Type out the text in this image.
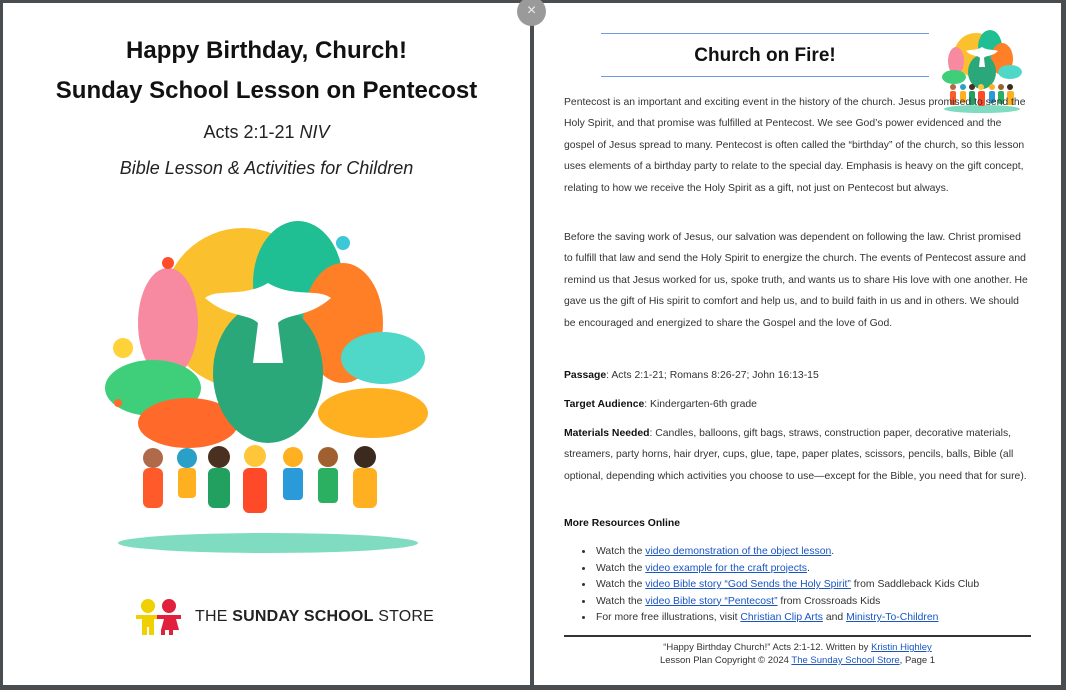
Happy Birthday, Church!
Sunday School Lesson on Pentecost
Acts 2:1-21 NIV
Bible Lesson & Activities for Children
THE SUNDAY SCHOOL STORE
×
Church on Fire!
Pentecost is an important and exciting event in the history of the church. Jesus promised to send the Holy Spirit, and that promise was fulfilled at Pentecost. We see God’s power evidenced and the gospel of Jesus spread to many. Pentecost is often called the “birthday” of the church, so this lesson uses elements of a birthday party to relate to the special day. Emphasis is heavy on the gift concept, relating to how we receive the Holy Spirit as a gift, not just on Pentecost but always.
Before the saving work of Jesus, our salvation was dependent on following the law. Christ promised to fulfill that law and send the Holy Spirit to energize the church. The events of Pentecost assure and remind us that Jesus worked for us, spoke truth, and wants us to share His love with one another. He gave us the gift of His spirit to comfort and help us, and to build faith in us and in others. We should be encouraged and energized to share the Gospel and the love of God.
Passage: Acts 2:1-21; Romans 8:26-27; John 16:13-15
Target Audience: Kindergarten-6th grade
Materials Needed: Candles, balloons, gift bags, straws, construction paper, decorative materials, streamers, party horns, hair dryer, cups, glue, tape, paper plates, scissors, pencils, balls, Bible (all optional, depending which activities you choose to use—except for the Bible, you need that for sure).
More Resources Online
• Watch the video demonstration of the object lesson.
• Watch the video example for the craft projects.
• Watch the video Bible story “God Sends the Holy Spirit” from Saddleback Kids Club
• Watch the video Bible story “Pentecost” from Crossroads Kids
• For more free illustrations, visit Christian Clip Arts and Ministry-To-Children
“Happy Birthday Church!” Acts 2:1-12. Written by Kristin Highley
Lesson Plan Copyright © 2024 The Sunday School Store, Page 1
